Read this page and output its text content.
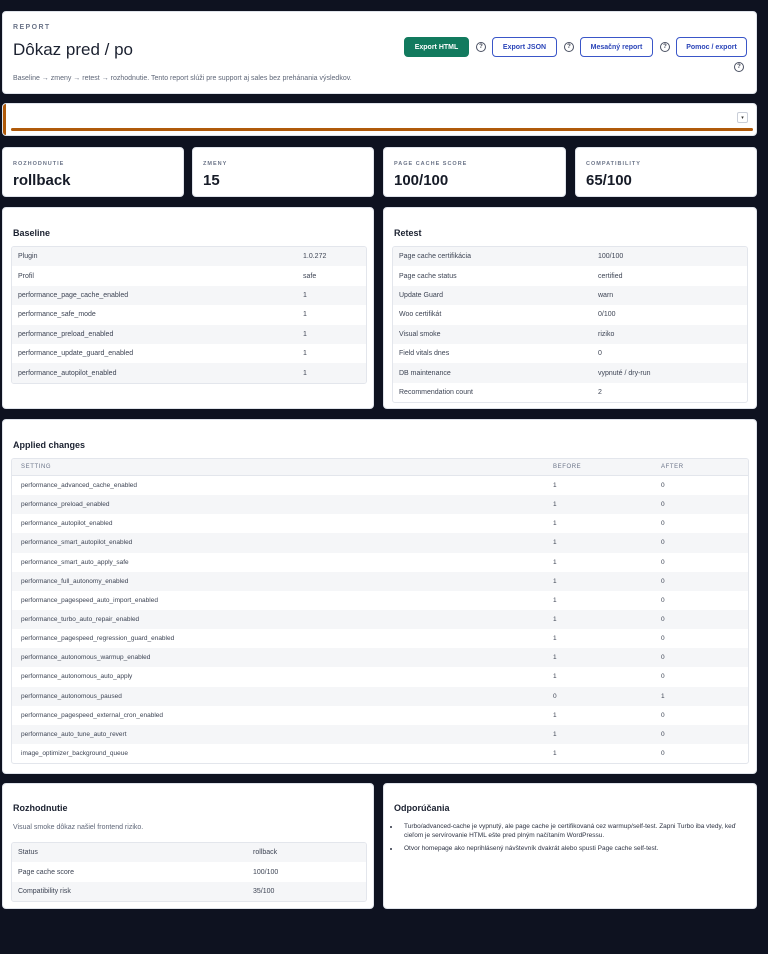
REPORT
Dôkaz pred / po
Baseline → zmeny → retest → rozhodnutie. Tento report slúži pre support aj sales bez prehánania výsledkov.
Export HTML	?	Export JSON	?	Mesačný report	?	Pomoc / export
?
▾
ROZHODNUTIE
rollback
ZMENY
15
PAGE CACHE SCORE
100/100
COMPATIBILITY
65/100
Baseline
Plugin	1.0.272
Profil	safe
performance_page_cache_enabled	1
performance_safe_mode	1
performance_preload_enabled	1
performance_update_guard_enabled	1
performance_autopilot_enabled	1
Retest
Page cache certifikácia	100/100
Page cache status	certified
Update Guard	warn
Woo certifikát	0/100
Visual smoke	riziko
Field vitals dnes	0
DB maintenance	vypnuté / dry-run
Recommendation count	2
Applied changes
SETTING	BEFORE	AFTER
performance_advanced_cache_enabled	1	0
performance_preload_enabled	1	0
performance_autopilot_enabled	1	0
performance_smart_autopilot_enabled	1	0
performance_smart_auto_apply_safe	1	0
performance_full_autonomy_enabled	1	0
performance_pagespeed_auto_import_enabled	1	0
performance_turbo_auto_repair_enabled	1	0
performance_pagespeed_regression_guard_enabled	1	0
performance_autonomous_warmup_enabled	1	0
performance_autonomous_auto_apply	1	0
performance_autonomous_paused	0	1
performance_pagespeed_external_cron_enabled	1	0
performance_auto_tune_auto_revert	1	0
image_optimizer_background_queue	1	0
Rozhodnutie
Visual smoke dôkaz našiel frontend riziko.
Status	rollback
Page cache score	100/100
Compatibility risk	35/100
Odporúčania
• Turbo/advanced-cache je vypnutý, ale page cache je certifikovaná cez warmup/self-test. Zapni Turbo iba vtedy, keď cieľom je servírovanie HTML ešte pred plným načítaním WordPressu.
• Otvor homepage ako neprihlásený návštevník dvakrát alebo spusti Page cache self-test.
